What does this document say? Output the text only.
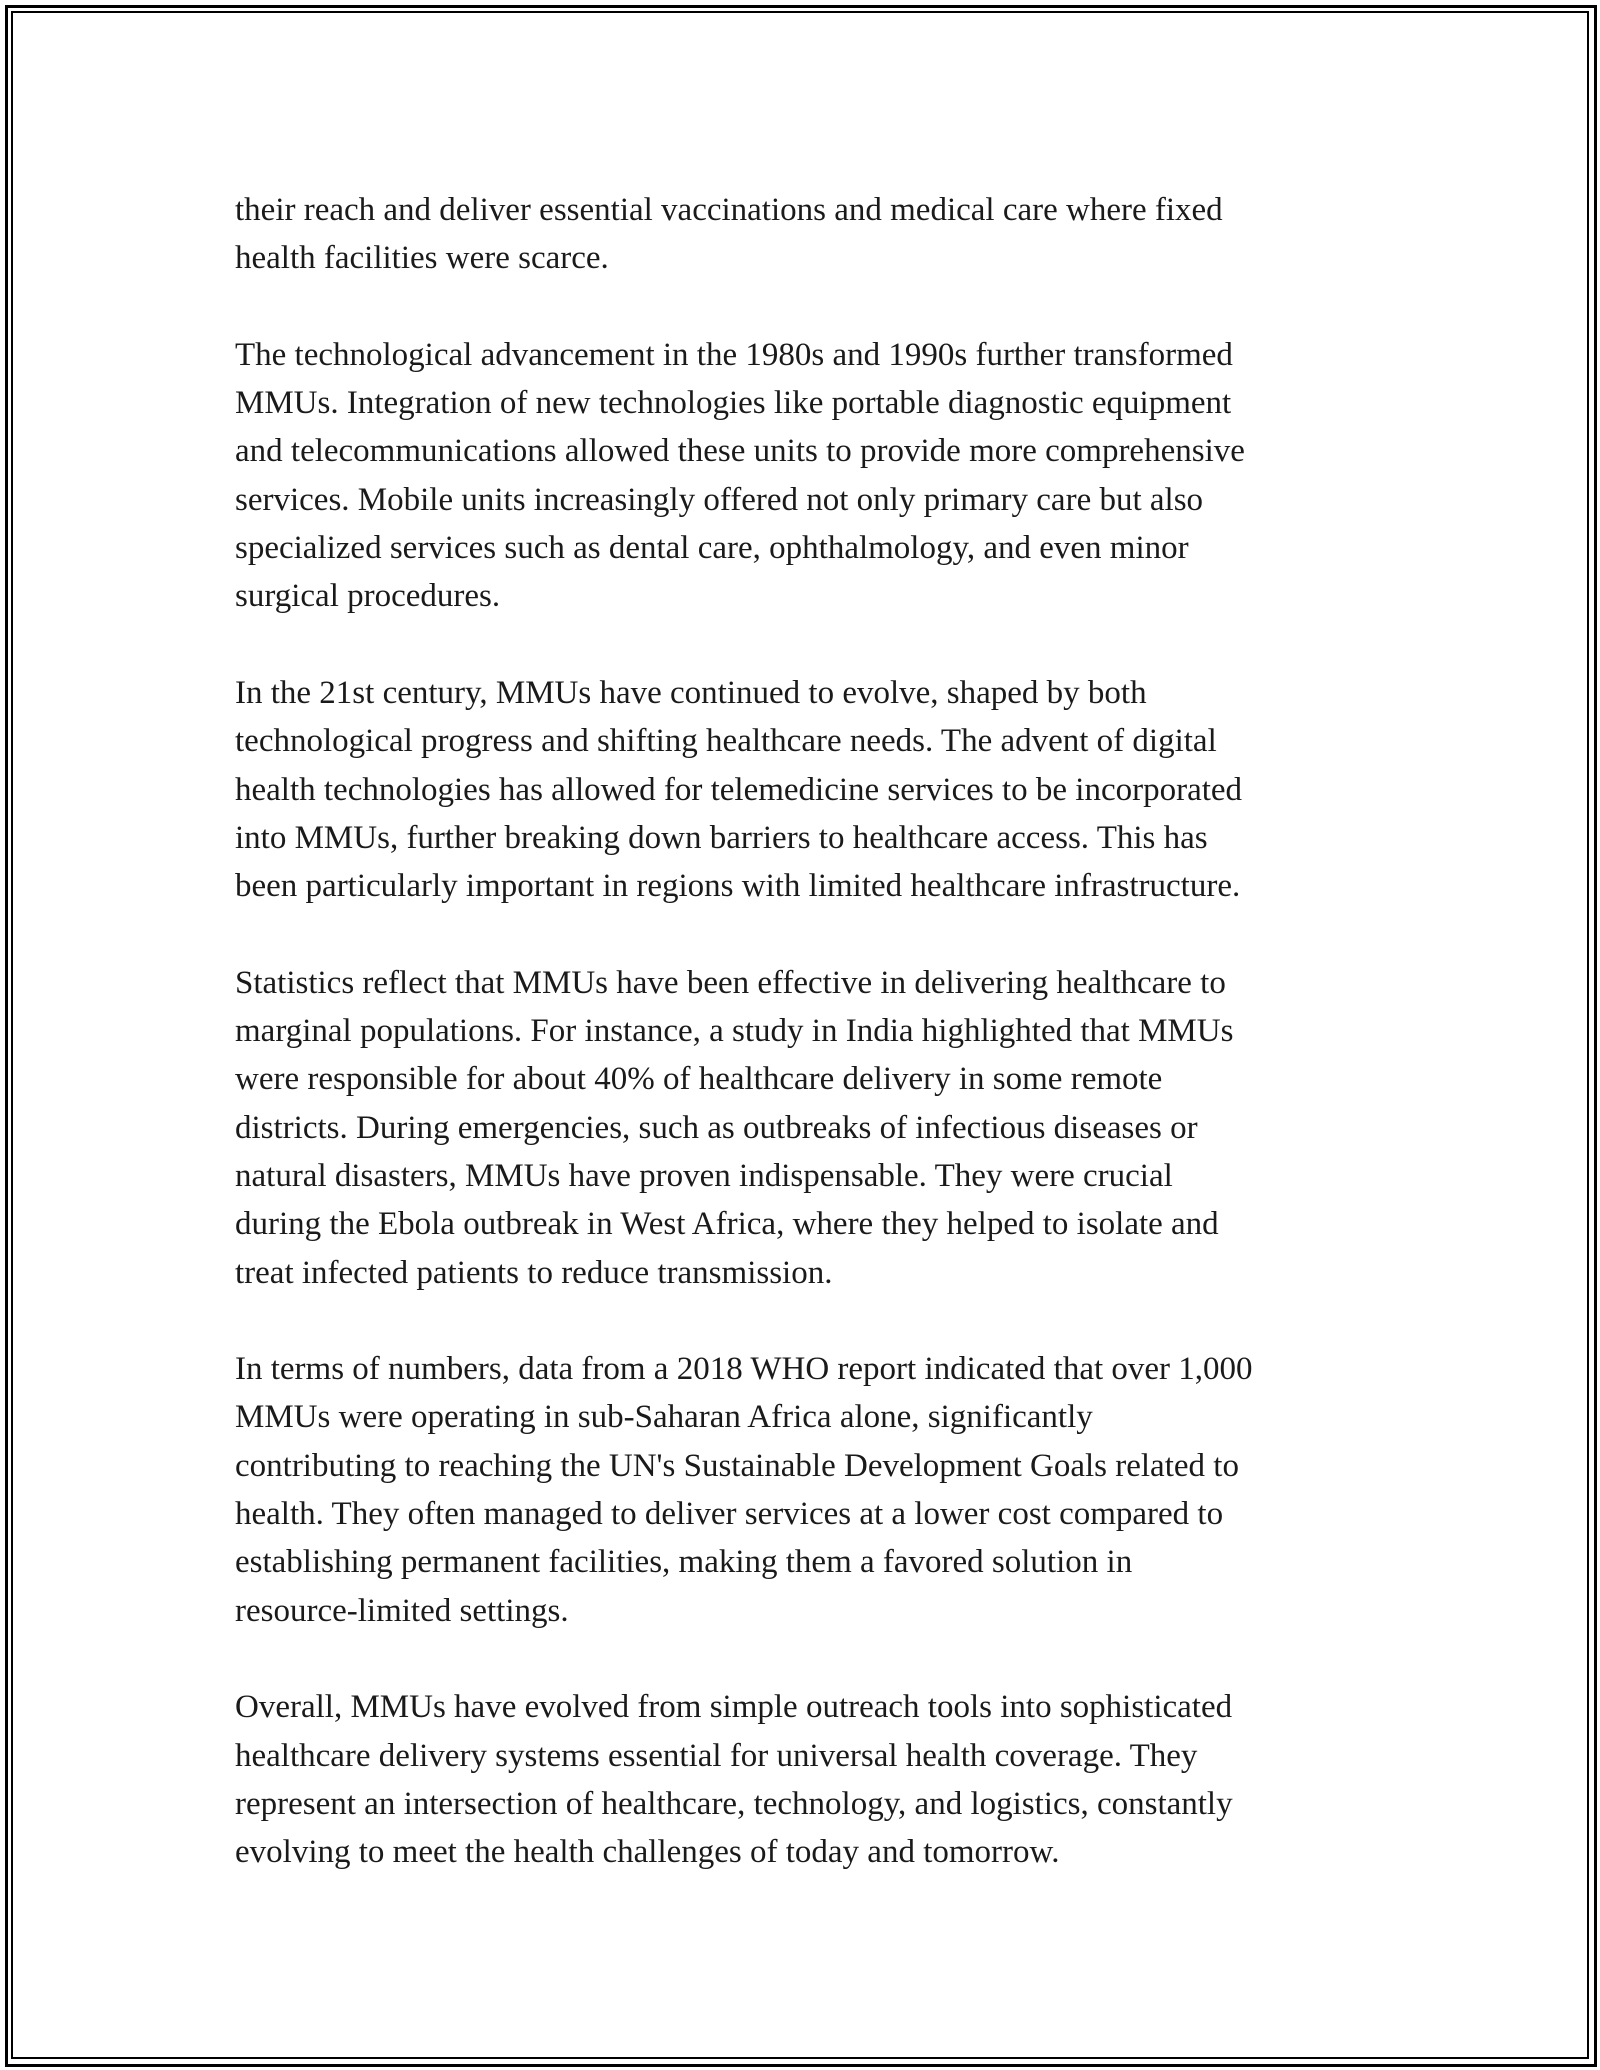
their reach and deliver essential vaccinations and medical care where fixed
health facilities were scarce.

The technological advancement in the 1980s and 1990s further transformed
MMUs. Integration of new technologies like portable diagnostic equipment
and telecommunications allowed these units to provide more comprehensive
services. Mobile units increasingly offered not only primary care but also
specialized services such as dental care, ophthalmology, and even minor
surgical procedures.

In the 21st century, MMUs have continued to evolve, shaped by both
technological progress and shifting healthcare needs. The advent of digital
health technologies has allowed for telemedicine services to be incorporated
into MMUs, further breaking down barriers to healthcare access. This has
been particularly important in regions with limited healthcare infrastructure.

Statistics reflect that MMUs have been effective in delivering healthcare to
marginal populations. For instance, a study in India highlighted that MMUs
were responsible for about 40% of healthcare delivery in some remote
districts. During emergencies, such as outbreaks of infectious diseases or
natural disasters, MMUs have proven indispensable. They were crucial
during the Ebola outbreak in West Africa, where they helped to isolate and
treat infected patients to reduce transmission.

In terms of numbers, data from a 2018 WHO report indicated that over 1,000
MMUs were operating in sub-Saharan Africa alone, significantly
contributing to reaching the UN's Sustainable Development Goals related to
health. They often managed to deliver services at a lower cost compared to
establishing permanent facilities, making them a favored solution in
resource-limited settings.

Overall, MMUs have evolved from simple outreach tools into sophisticated
healthcare delivery systems essential for universal health coverage. They
represent an intersection of healthcare, technology, and logistics, constantly
evolving to meet the health challenges of today and tomorrow.
